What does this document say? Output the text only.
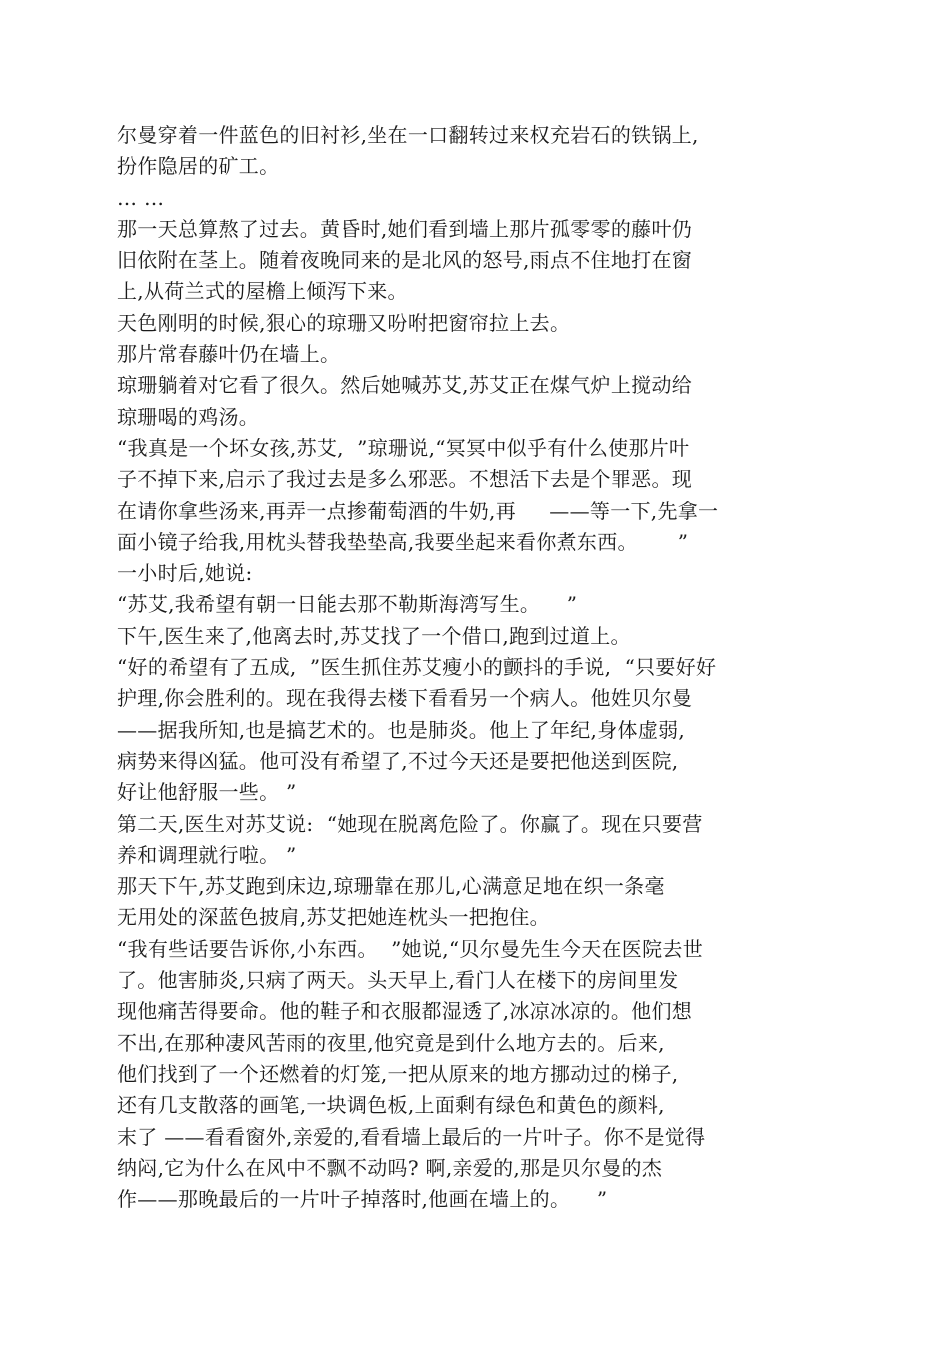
尔曼穿着一件蓝色的旧衬衫,坐在一口翻转过来权充岩石的铁锅上,
扮作隐居的矿工。
… …
那一天总算熬了过去。黄昏时,她们看到墙上那片孤零零的藤叶仍
旧依附在茎上。随着夜晚同来的是北风的怒号,雨点不住地打在窗
上,从荷兰式的屋檐上倾泻下来。
天色刚明的时候,狠心的琼珊又吩咐把窗帘拉上去。
那片常春藤叶仍在墙上。
琼珊躺着对它看了很久。然后她喊苏艾,苏艾正在煤气炉上搅动给
琼珊喝的鸡汤。
“我真是一个坏女孩,苏艾,  ”琼珊说,“冥冥中似乎有什么使那片叶
子不掉下来,启示了我过去是多么邪恶。不想活下去是个罪恶。现
在请你拿些汤来,再弄一点掺葡萄酒的牛奶,再     ——等一下,先拿一
面小镜子给我,用枕头替我垫垫高,我要坐起来看你煮东西。      ”
一小时后,她说:
“苏艾,我希望有朝一日能去那不勒斯海湾写生。    ”
下午,医生来了,他离去时,苏艾找了一个借口,跑到过道上。
“好的希望有了五成,  ”医生抓住苏艾瘦小的颤抖的手说,  “只要好好
护理,你会胜利的。现在我得去楼下看看另一个病人。他姓贝尔曼
——据我所知,也是搞艺术的。也是肺炎。他上了年纪,身体虚弱,
病势来得凶猛。他可没有希望了,不过今天还是要把他送到医院,
好让他舒服一些。 ”
第二天,医生对苏艾说:  “她现在脱离危险了。你赢了。现在只要营
养和调理就行啦。 ”
那天下午,苏艾跑到床边,琼珊靠在那儿,心满意足地在织一条毫
无用处的深蓝色披肩,苏艾把她连枕头一把抱住。
“我有些话要告诉你,小东西。  ”她说,“贝尔曼先生今天在医院去世
了。他害肺炎,只病了两天。头天早上,看门人在楼下的房间里发
现他痛苦得要命。他的鞋子和衣服都湿透了,冰凉冰凉的。他们想
不出,在那种凄风苦雨的夜里,他究竟是到什么地方去的。后来,
他们找到了一个还燃着的灯笼,一把从原来的地方挪动过的梯子,
还有几支散落的画笔,一块调色板,上面剩有绿色和黄色的颜料,
末了 ——看看窗外,亲爱的,看看墙上最后的一片叶子。你不是觉得
纳闷,它为什么在风中不飘不动吗? 啊,亲爱的,那是贝尔曼的杰
作——那晚最后的一片叶子掉落时,他画在墙上的。    ”
